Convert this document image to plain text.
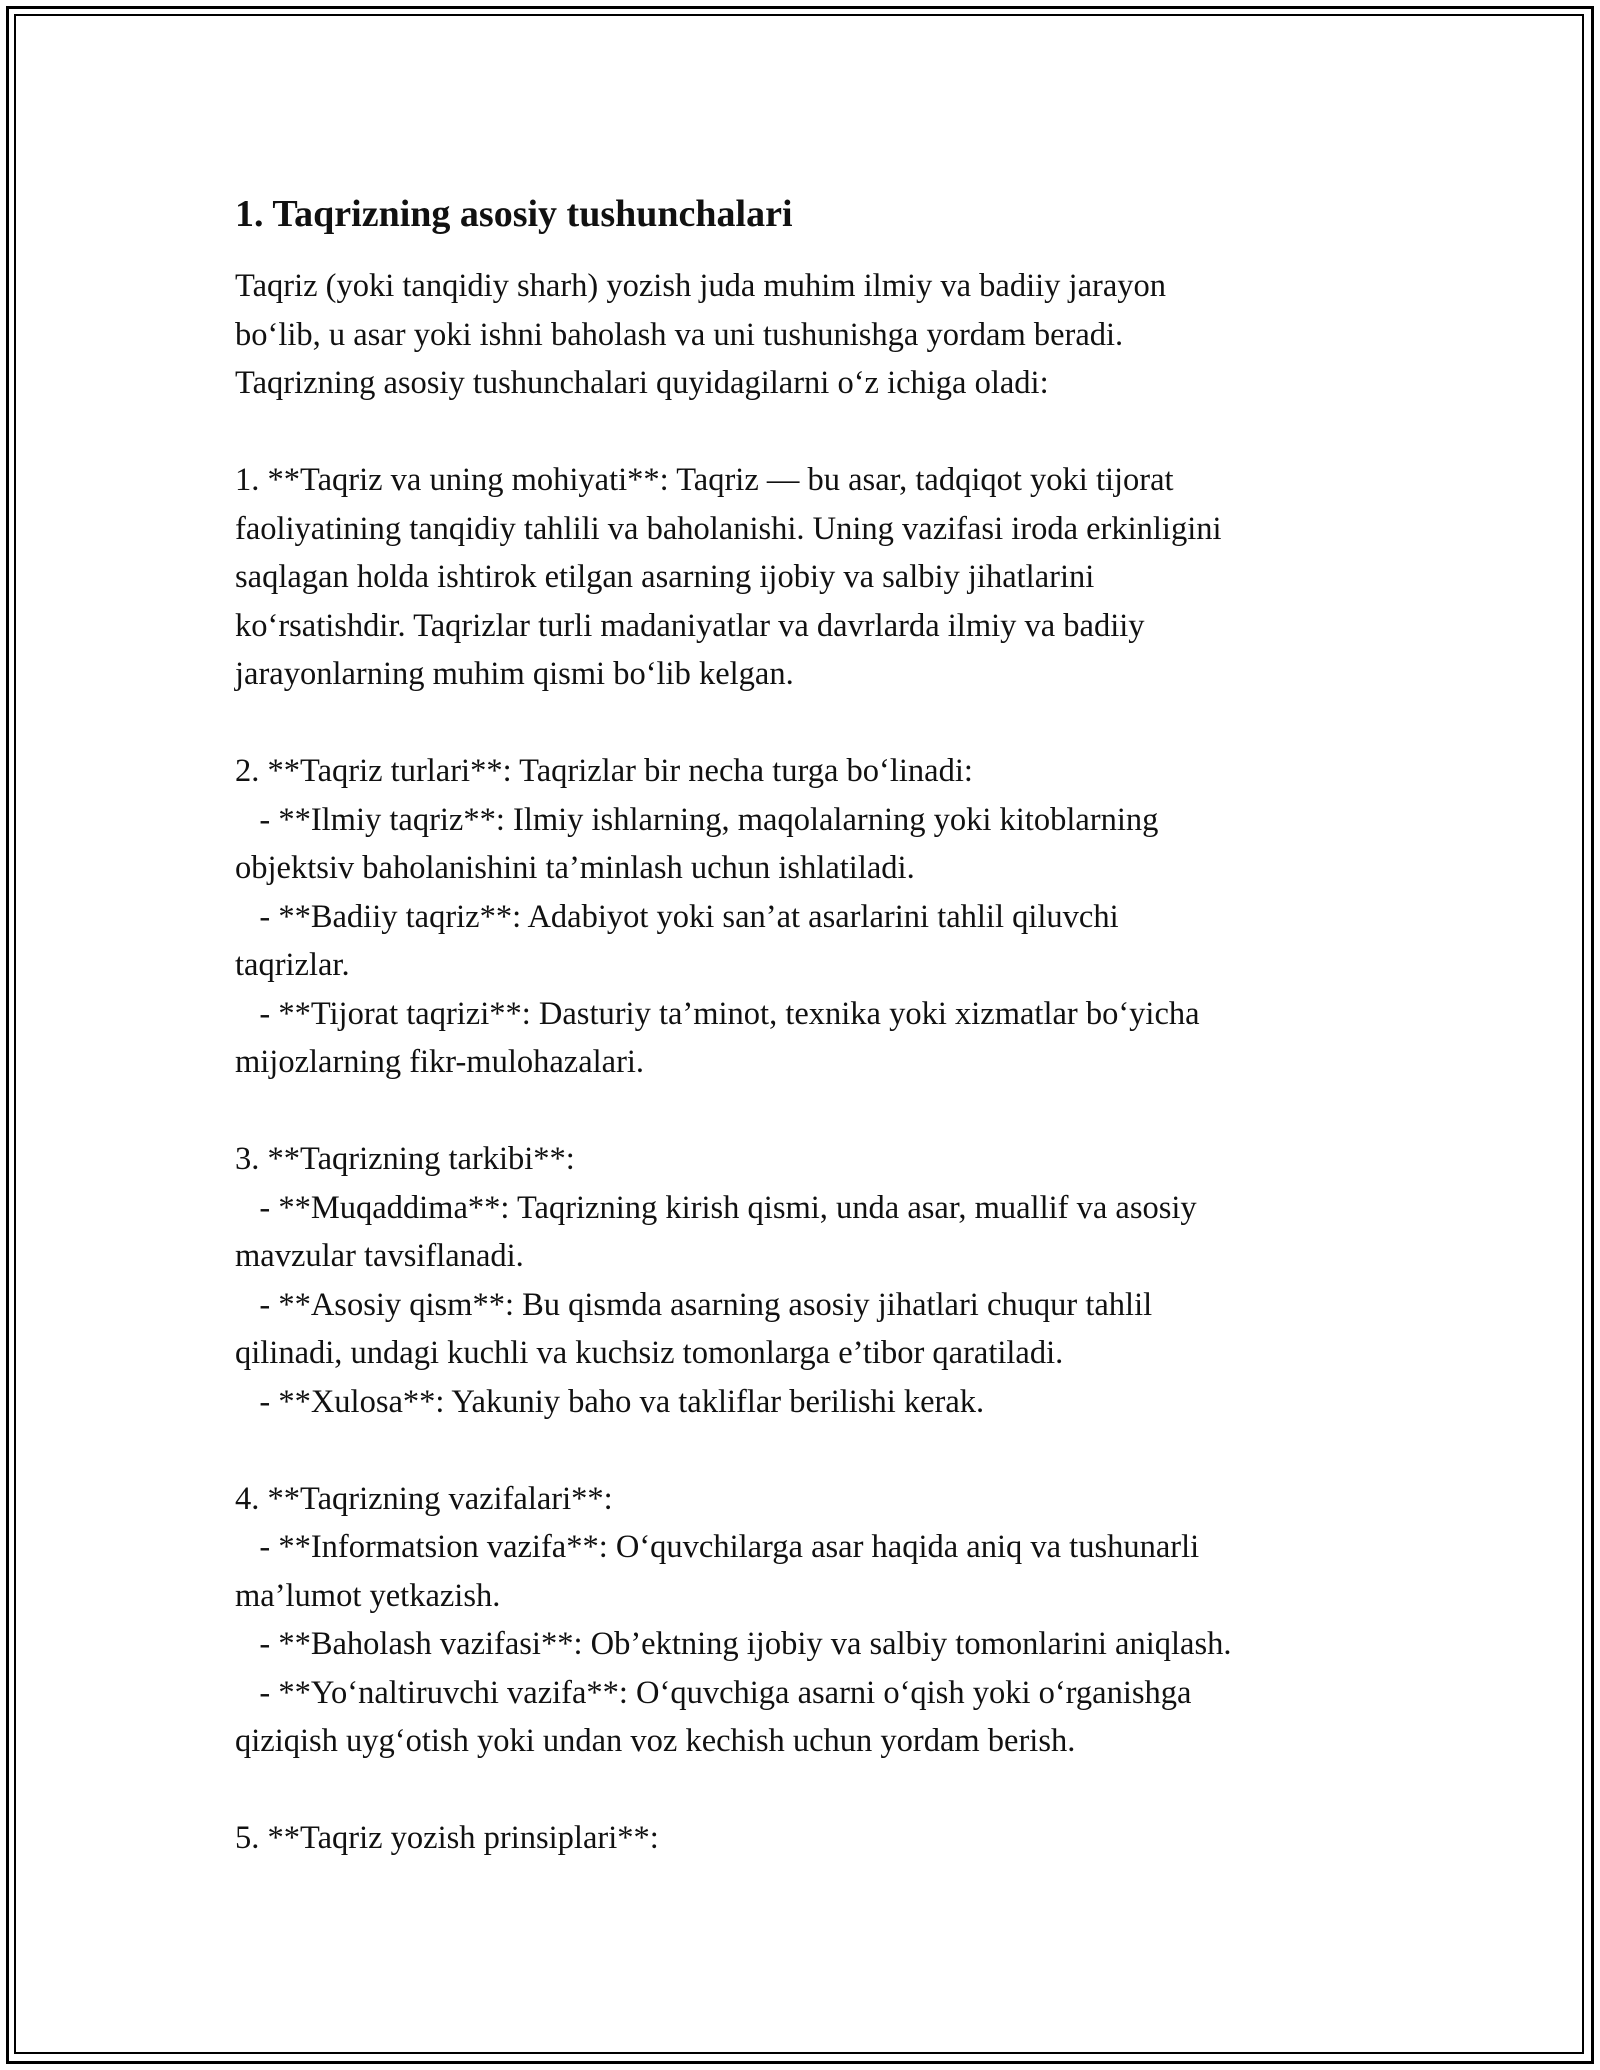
1. Taqrizning asosiy tushunchalari
Taqriz (yoki tanqidiy sharh) yozish juda muhim ilmiy va badiiy jarayon
bo‘lib, u asar yoki ishni baholash va uni tushunishga yordam beradi.
Taqrizning asosiy tushunchalari quyidagilarni o‘z ichiga oladi:
1. **Taqriz va uning mohiyati**: Taqriz — bu asar, tadqiqot yoki tijorat
faoliyatining tanqidiy tahlili va baholanishi. Uning vazifasi iroda erkinligini
saqlagan holda ishtirok etilgan asarning ijobiy va salbiy jihatlarini
ko‘rsatishdir. Taqrizlar turli madaniyatlar va davrlarda ilmiy va badiiy
jarayonlarning muhim qismi bo‘lib kelgan.
2. **Taqriz turlari**: Taqrizlar bir necha turga bo‘linadi:
- **Ilmiy taqriz**: Ilmiy ishlarning, maqolalarning yoki kitoblarning
objektsiv baholanishini ta’minlash uchun ishlatiladi.
- **Badiiy taqriz**: Adabiyot yoki san’at asarlarini tahlil qiluvchi
taqrizlar.
- **Tijorat taqrizi**: Dasturiy ta’minot, texnika yoki xizmatlar bo‘yicha
mijozlarning fikr-mulohazalari.
3. **Taqrizning tarkibi**:
- **Muqaddima**: Taqrizning kirish qismi, unda asar, muallif va asosiy
mavzular tavsiflanadi.
- **Asosiy qism**: Bu qismda asarning asosiy jihatlari chuqur tahlil
qilinadi, undagi kuchli va kuchsiz tomonlarga e’tibor qaratiladi.
- **Xulosa**: Yakuniy baho va takliflar berilishi kerak.
4. **Taqrizning vazifalari**:
- **Informatsion vazifa**: O‘quvchilarga asar haqida aniq va tushunarli
ma’lumot yetkazish.
- **Baholash vazifasi**: Ob’ektning ijobiy va salbiy tomonlarini aniqlash.
- **Yo‘naltiruvchi vazifa**: O‘quvchiga asarni o‘qish yoki o‘rganishga
qiziqish uyg‘otish yoki undan voz kechish uchun yordam berish.
5. **Taqriz yozish prinsiplari**:
